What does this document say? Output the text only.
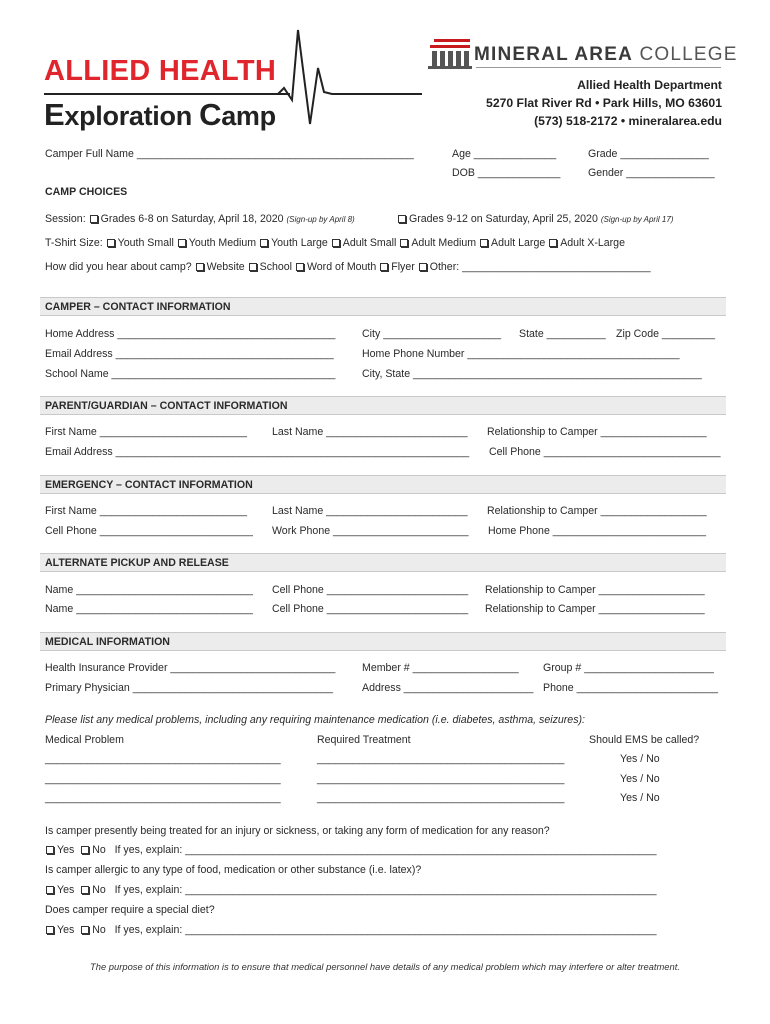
ALLIED HEALTH
Exploration Camp
MINERAL AREA COLLEGE
Allied Health Department
5270 Flat River Rd • Park Hills, MO 63601
(573) 518-2172 • mineralarea.edu
Camper Full Name _______________________________________________	Age ______________	Grade _______________
DOB ______________	Gender _______________
CAMP CHOICES
Session: Grades 6-8 on Saturday, April 18, 2020 (Sign-up by April 8)	Grades 9-12 on Saturday, April 25, 2020 (Sign-up by April 17)
T-Shirt Size: Youth Small Youth Medium Youth Large Adult Small Adult Medium Adult Large Adult X-Large
How did you hear about camp? Website School Word of Mouth Flyer Other: ________________________________
CAMPER – CONTACT INFORMATION
Home Address _____________________________________	City ____________________ State __________ Zip Code _________
Email Address _____________________________________	Home Phone Number ____________________________________
School Name ______________________________________	City, State _________________________________________________
PARENT/GUARDIAN – CONTACT INFORMATION
First Name _________________________ Last Name ________________________ Relationship to Camper __________________
Email Address ____________________________________________________________ Cell Phone ______________________________
EMERGENCY – CONTACT INFORMATION
First Name _________________________ Last Name ________________________ Relationship to Camper __________________
Cell Phone __________________________ Work Phone _______________________ Home Phone __________________________
ALTERNATE PICKUP AND RELEASE
Name ______________________________ Cell Phone ________________________ Relationship to Camper __________________
Name ______________________________ Cell Phone ________________________ Relationship to Camper __________________
MEDICAL INFORMATION
Health Insurance Provider ____________________________	Member # __________________ Group # ______________________
Primary Physician __________________________________	Address ______________________ Phone ________________________
Please list any medical problems, including any requiring maintenance medication (i.e. diabetes, asthma, seizures):
Medical Problem	Required Treatment	Should EMS be called?
________________________________________	__________________________________________	Yes / No
________________________________________	__________________________________________	Yes / No
________________________________________	__________________________________________	Yes / No
Is camper presently being treated for an injury or sickness, or taking any form of medication for any reason?
Yes No If yes, explain: ________________________________________________________________________________
Is camper allergic to any type of food, medication or other substance (i.e. latex)?
Yes No If yes, explain: ________________________________________________________________________________
Does camper require a special diet?
Yes No If yes, explain: ________________________________________________________________________________
The purpose of this information is to ensure that medical personnel have details of any medical problem which may interfere or alter treatment.
